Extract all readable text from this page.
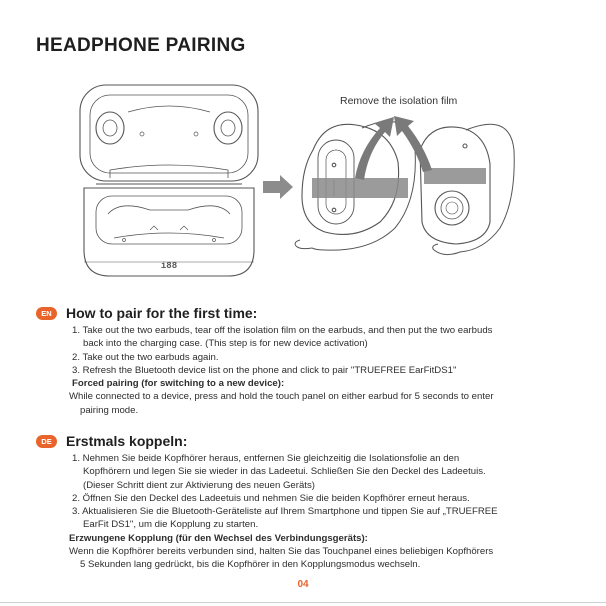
HEADPHONE PAIRING
i88
Remove the isolation film
EN	How to pair for the first time:

1. Take out the two earbuds, tear off the isolation film on the earbuds, and then put the two earbuds
back into the charging case. (This step is for new device activation)

2. Take out the two earbuds again.

3. Refresh the Bluetooth device list on the phone and click to pair "TRUEFREE EarFitDS1"

Forced pairing (for switching to a new device):

While connected to a device, press and hold the touch panel on either earbud for 5 seconds to enter
pairing mode.

DE	Erstmals koppeln:

1. Nehmen Sie beide Kopfhörer heraus, entfernen Sie gleichzeitig die Isolationsfolie an den
Kopfhörern und legen Sie sie wieder in das Ladeetui. Schließen Sie den Deckel des Ladeetuis.
(Dieser Schritt dient zur Aktivierung des neuen Geräts)

2. Öffnen Sie den Deckel des Ladeetuis und nehmen Sie die beiden Kopfhörer erneut heraus.

3. Aktualisieren Sie die Bluetooth-Geräteliste auf Ihrem Smartphone und tippen Sie auf „TRUEFREE
EarFit DS1", um die Kopplung zu starten.

Erzwungene Kopplung (für den Wechsel des Verbindungsgeräts):

Wenn die Kopfhörer bereits verbunden sind, halten Sie das Touchpanel eines beliebigen Kopfhörers
5 Sekunden lang gedrückt, bis die Kopfhörer in den Kopplungsmodus wechseln.

04
